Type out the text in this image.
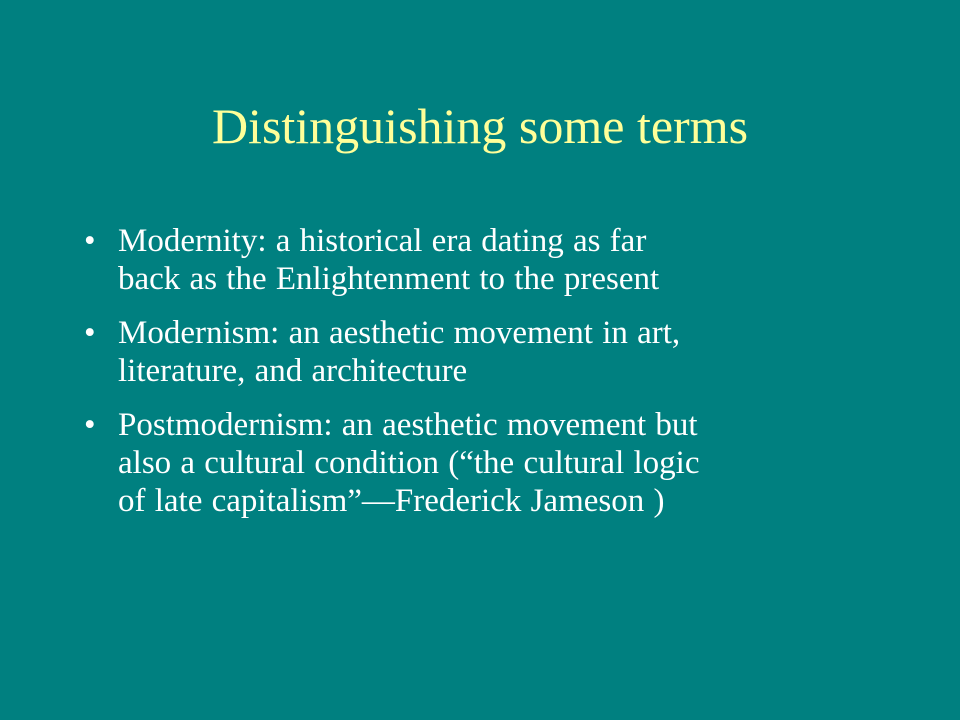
Distinguishing some terms
• Modernity: a historical era dating as far
back as the Enlightenment to the present
• Modernism: an aesthetic movement in art,
literature, and architecture
• Postmodernism: an aesthetic movement but
also a cultural condition (“the cultural logic
of late capitalism”—Frederick Jameson )
